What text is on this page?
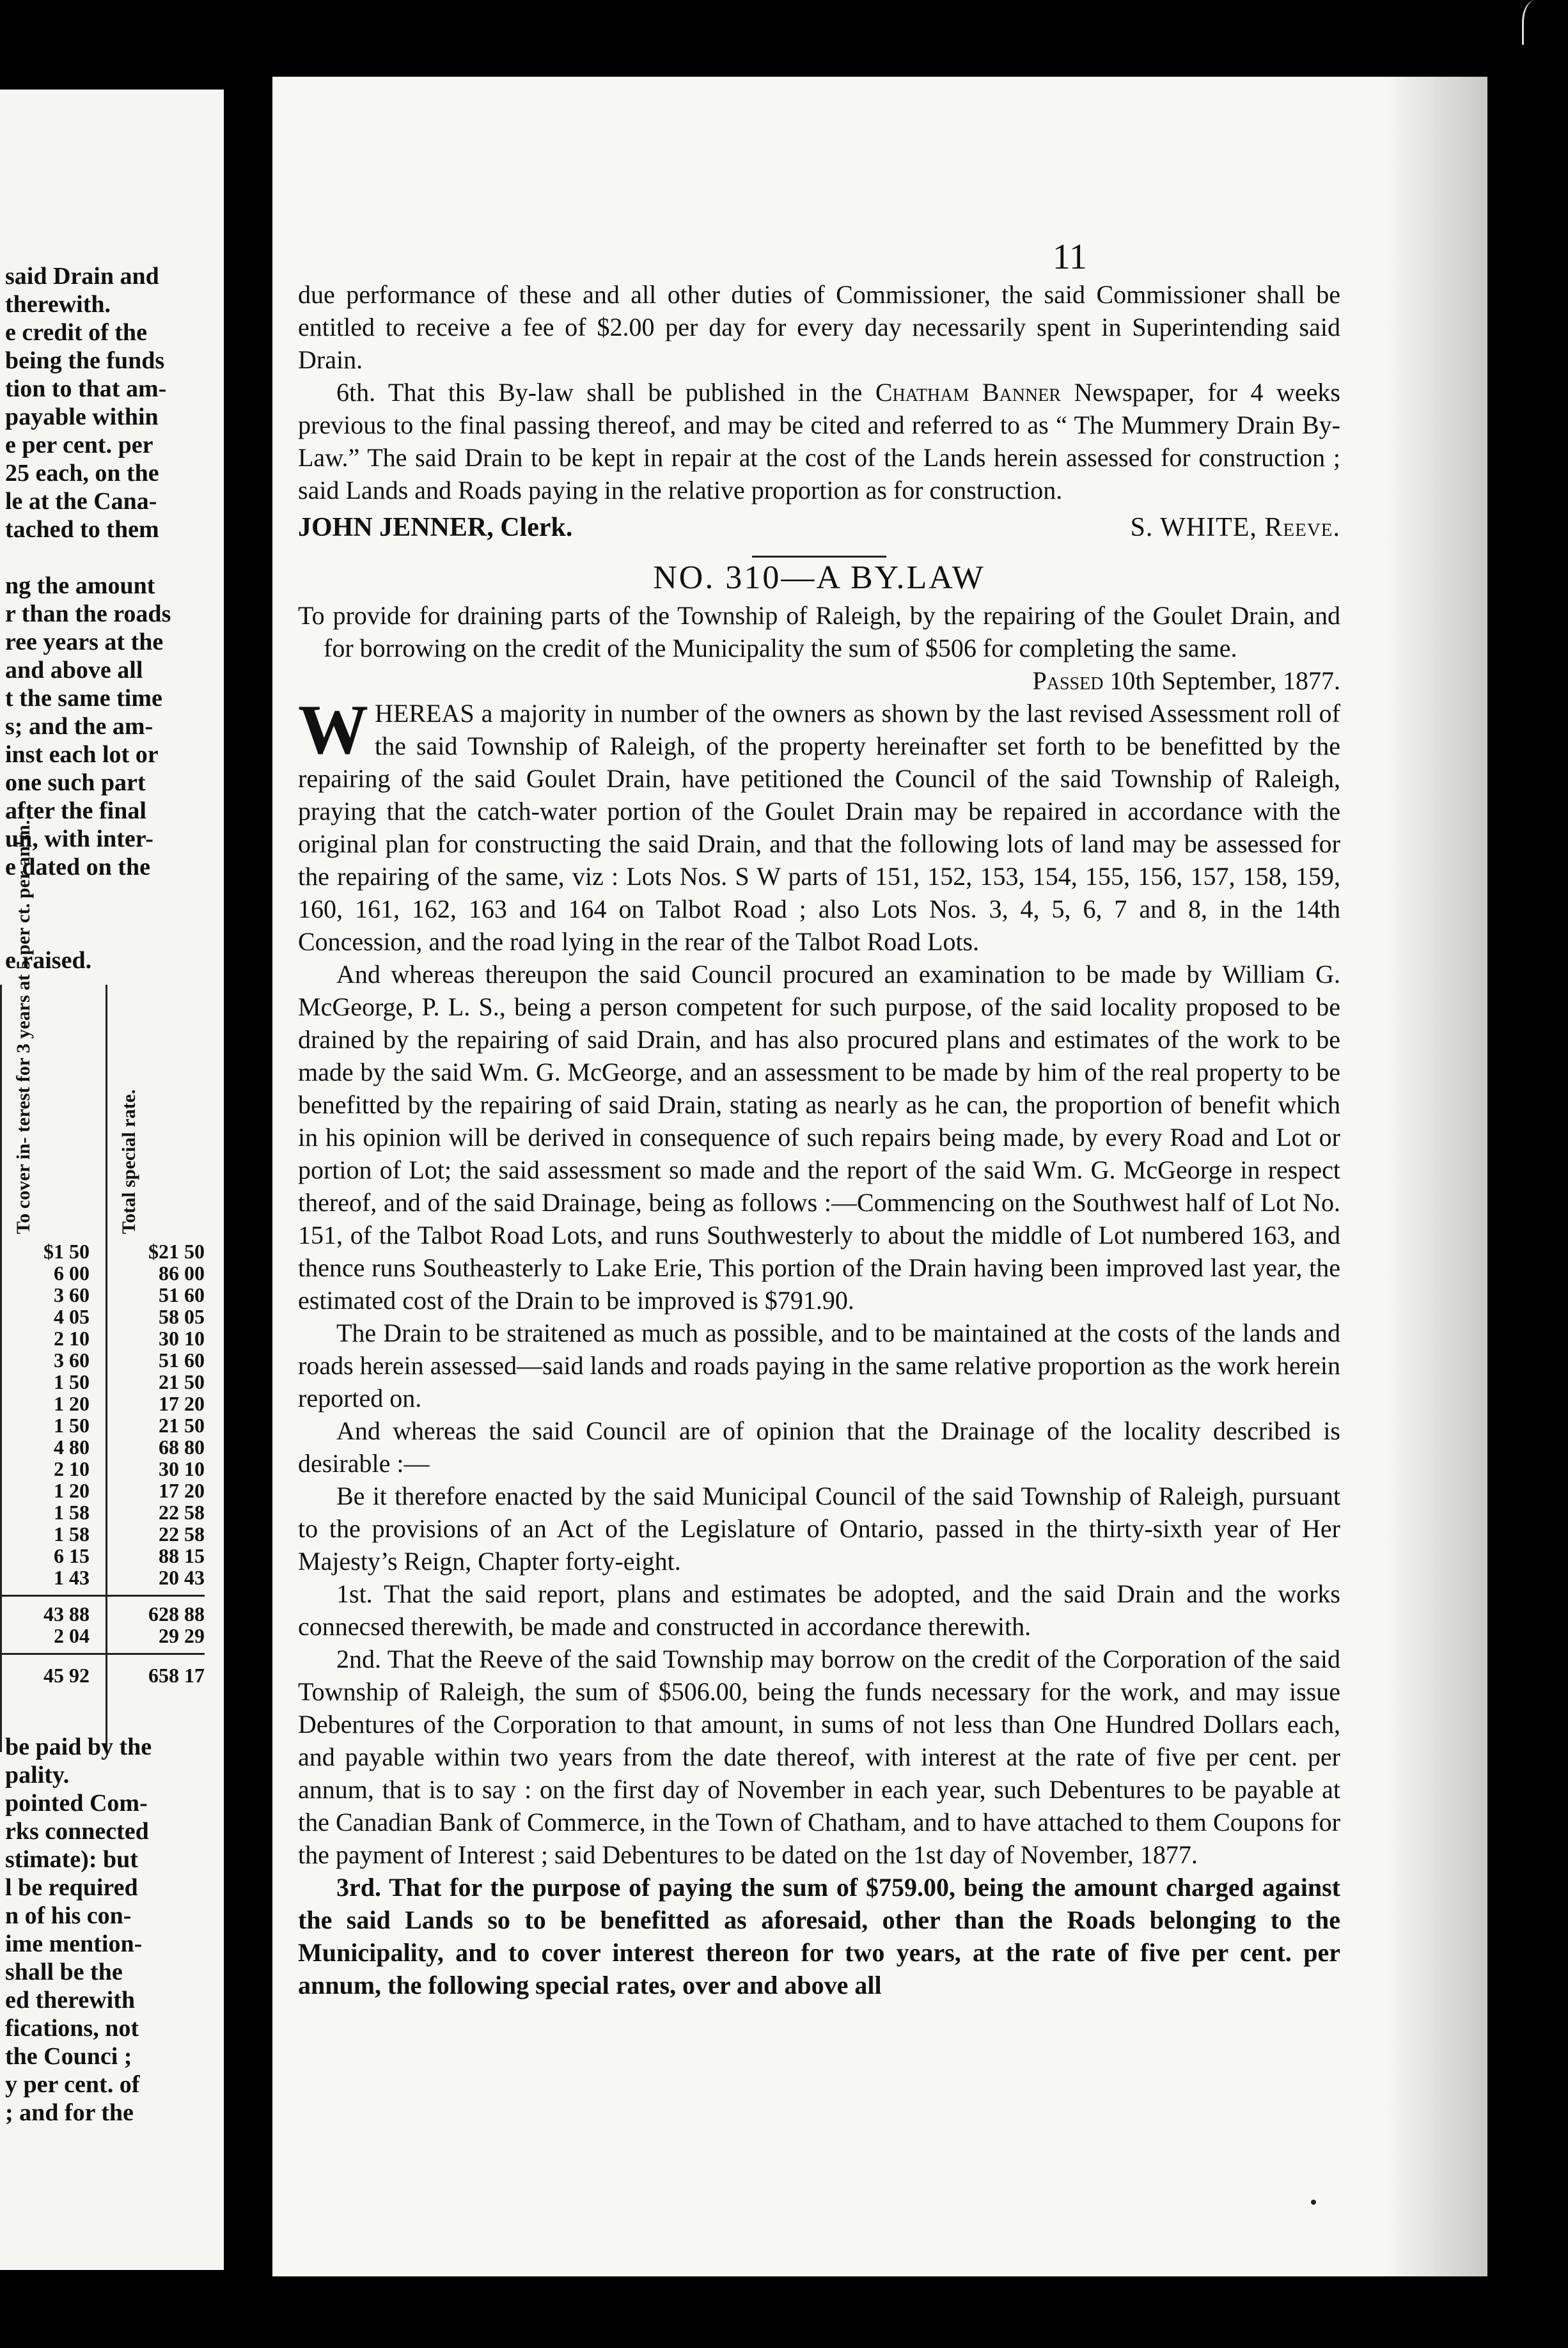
said Drain and
therewith.
e credit of the
being the funds
tion to that am-
payable within
e per cent. per
25 each, on the
le at the Cana-
tached to them

ng the amount
r than the roads
ree years at the
and above all
t the same time
s; and the am-
inst each lot or
one such part
after the final
un, with inter-
e dated on the
e raised.
To cover in- terest for 3 years at 5 per ct. per an'm.	Total special rate.
$1 50	$21 50
6 00	86 00
3 60	51 60
4 05	58 05
2 10	30 10
3 60	51 60
1 50	21 50
1 20	17 20
1 50	21 50
4 80	68 80
2 10	30 10
1 20	17 20
1 58	22 58
1 58	22 58
6 15	88 15
1 43	20 43
43 88	628 88
2 04	29 29
45 92	658 17
be paid by the
pality.
pointed Com-
rks connected
stimate): but
l be required
n of his con-
ime mention-
shall be the
ed therewith
fications, not
the Counci ;
y per cent. of
; and for the
11

due performance of these and all other duties of Commissioner, the said Commissioner shall be entitled to receive a fee of $2.00 per day for every day necessarily spent in Superintending said Drain.

6th. That this By-law shall be published in the Chatham Banner Newspaper, for 4 weeks previous to the final passing thereof, and may be cited and referred to as “ The Mummery Drain By-Law.” The said Drain to be kept in repair at the cost of the Lands herein assessed for construction ; said Lands and Roads paying in the relative proportion as for construction.

JOHN JENNER, Clerk.	S. WHITE, Reeve.
NO. 310—A BY.LAW

To provide for draining parts of the Township of Raleigh, by the repairing of the Goulet Drain, and for borrowing on the credit of the Municipality the sum of $506 for completing the same.

Passed 10th September, 1877.

WHEREAS a majority in number of the owners as shown by the last revised Assessment roll of the said Township of Raleigh, of the property hereinafter set forth to be benefitted by the repairing of the said Goulet Drain, have petitioned the Council of the said Township of Raleigh, praying that the catch-water portion of the Goulet Drain may be repaired in accordance with the original plan for constructing the said Drain, and that the following lots of land may be assessed for the repairing of the same, viz : Lots Nos. S W parts of 151, 152, 153, 154, 155, 156, 157, 158, 159, 160, 161, 162, 163 and 164 on Talbot Road ; also Lots Nos. 3, 4, 5, 6, 7 and 8, in the 14th Concession, and the road lying in the rear of the Talbot Road Lots.

And whereas thereupon the said Council procured an examination to be made by William G. McGeorge, P. L. S., being a person competent for such purpose, of the said locality proposed to be drained by the repairing of said Drain, and has also procured plans and estimates of the work to be made by the said Wm. G. McGeorge, and an assessment to be made by him of the real property to be benefitted by the repairing of said Drain, stating as nearly as he can, the proportion of benefit which in his opinion will be derived in consequence of such repairs being made, by every Road and Lot or portion of Lot; the said assessment so made and the report of the said Wm. G. McGeorge in respect thereof, and of the said Drainage, being as follows :—Commencing on the Southwest half of Lot No. 151, of the Talbot Road Lots, and runs Southwesterly to about the middle of Lot numbered 163, and thence runs Southeasterly to Lake Erie, This portion of the Drain having been improved last year, the estimated cost of the Drain to be improved is $791.90.

The Drain to be straitened as much as possible, and to be maintained at the costs of the lands and roads herein assessed—said lands and roads paying in the same relative proportion as the work herein reported on.

And whereas the said Council are of opinion that the Drainage of the locality described is desirable :—

Be it therefore enacted by the said Municipal Council of the said Township of Raleigh, pursuant to the provisions of an Act of the Legislature of Ontario, passed in the thirty-sixth year of Her Majesty’s Reign, Chapter forty-eight.

1st. That the said report, plans and estimates be adopted, and the said Drain and the works connecsed therewith, be made and constructed in accordance therewith.

2nd. That the Reeve of the said Township may borrow on the credit of the Corporation of the said Township of Raleigh, the sum of $506.00, being the funds necessary for the work, and may issue Debentures of the Corporation to that amount, in sums of not less than One Hundred Dollars each, and payable within two years from the date thereof, with interest at the rate of five per cent. per annum, that is to say : on the first day of November in each year, such Debentures to be payable at the Canadian Bank of Commerce, in the Town of Chatham, and to have attached to them Coupons for the payment of Interest ; said Debentures to be dated on the 1st day of November, 1877.

3rd. That for the purpose of paying the sum of $759.00, being the amount charged against the said Lands so to be benefitted as aforesaid, other than the Roads belonging to the Municipality, and to cover interest thereon for two years, at the rate of five per cent. per annum, the following special rates, over and above all
